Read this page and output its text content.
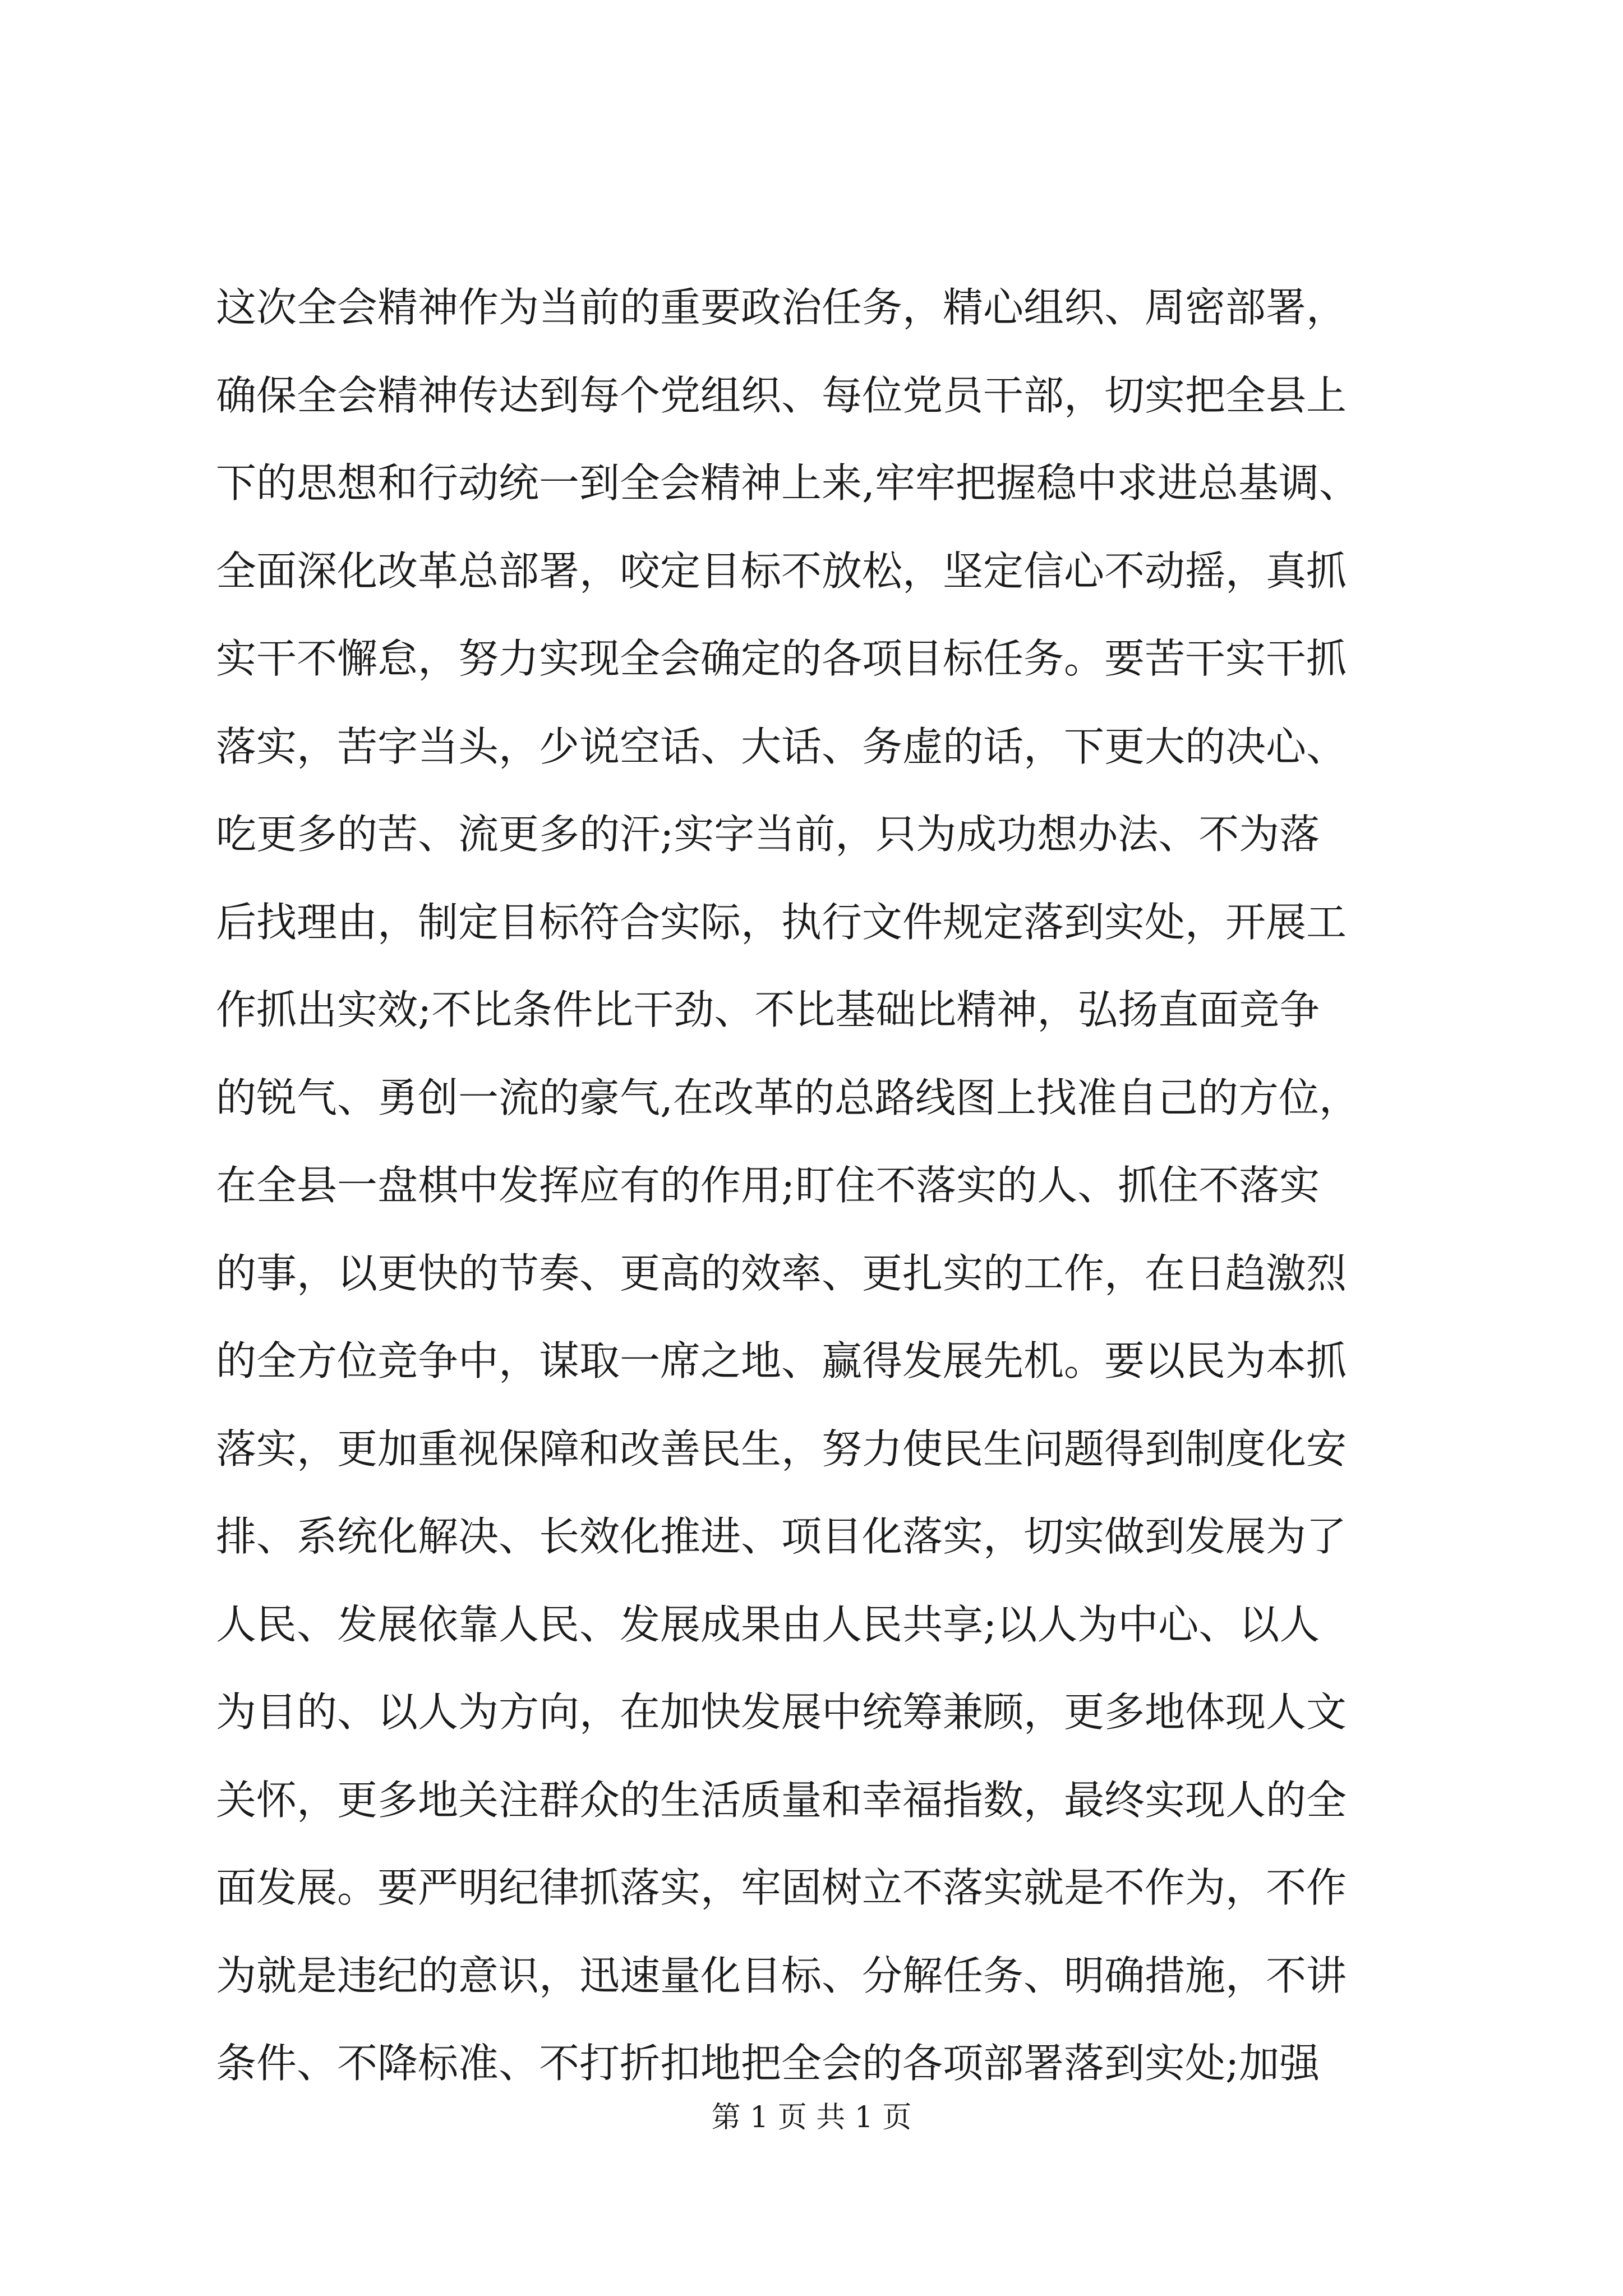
这次全会精神作为当前的重要政治任务，精心组织、周密部署，
确保全会精神传达到每个党组织、每位党员干部，切实把全县上
下的思想和行动统一到全会精神上来,牢牢把握稳中求进总基调、
全面深化改革总部署，咬定目标不放松，坚定信心不动摇，真抓
实干不懈怠，努力实现全会确定的各项目标任务。要苦干实干抓
落实，苦字当头，少说空话、大话、务虚的话，下更大的决心、
吃更多的苦、流更多的汗;实字当前，只为成功想办法、不为落
后找理由，制定目标符合实际，执行文件规定落到实处，开展工
作抓出实效;不比条件比干劲、不比基础比精神，弘扬直面竞争
的锐气、勇创一流的豪气,在改革的总路线图上找准自己的方位，
在全县一盘棋中发挥应有的作用;盯住不落实的人、抓住不落实
的事，以更快的节奏、更高的效率、更扎实的工作，在日趋激烈
的全方位竞争中，谋取一席之地、赢得发展先机。要以民为本抓
落实，更加重视保障和改善民生，努力使民生问题得到制度化安
排、系统化解决、长效化推进、项目化落实，切实做到发展为了
人民、发展依靠人民、发展成果由人民共享;以人为中心、以人
为目的、以人为方向，在加快发展中统筹兼顾，更多地体现人文
关怀，更多地关注群众的生活质量和幸福指数，最终实现人的全
面发展。要严明纪律抓落实，牢固树立不落实就是不作为，不作
为就是违纪的意识，迅速量化目标、分解任务、明确措施，不讲
条件、不降标准、不打折扣地把全会的各项部署落到实处;加强
第 1 页 共 1 页
